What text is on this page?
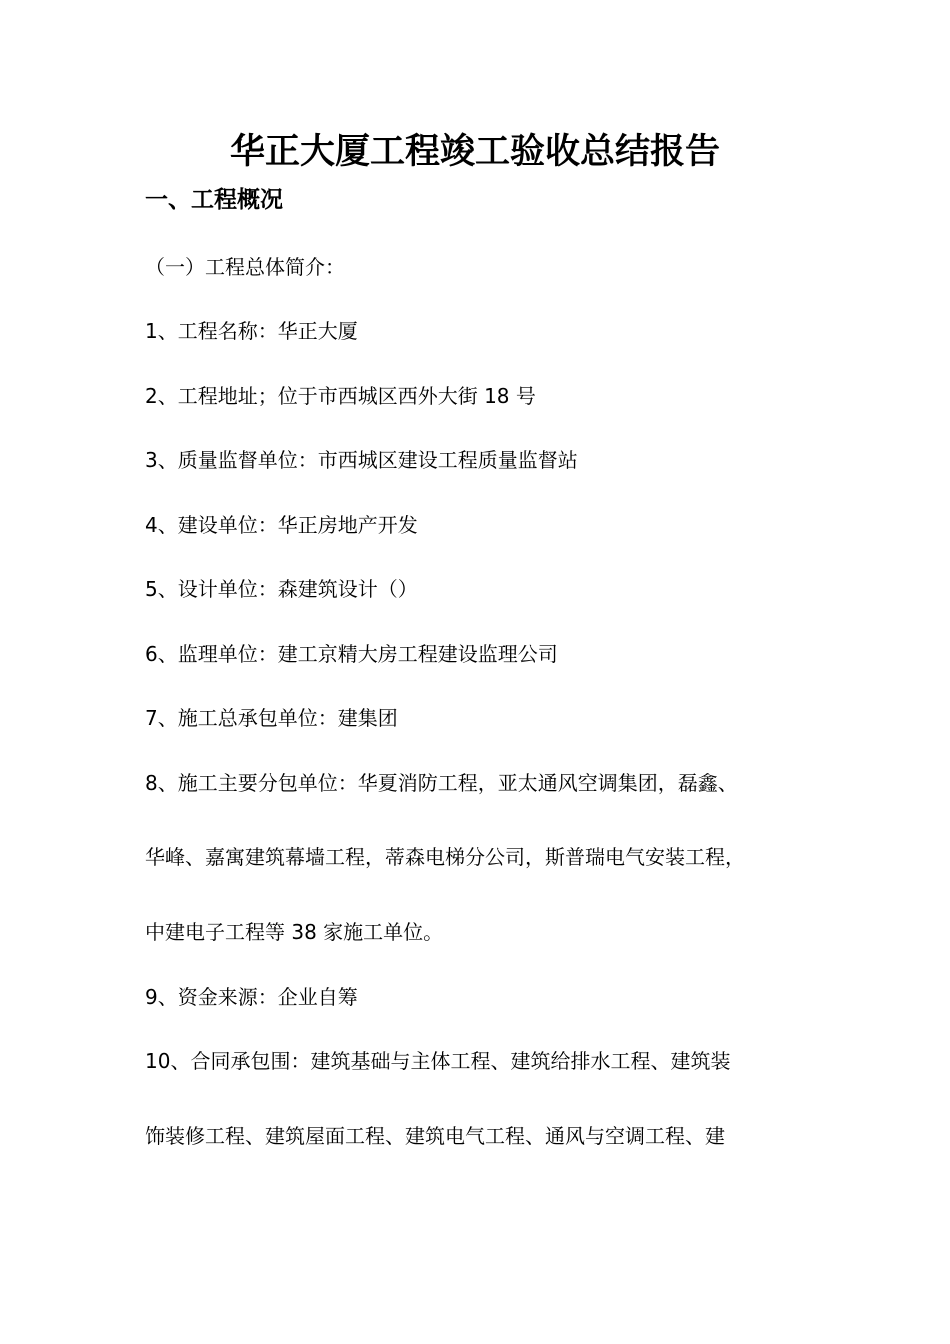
华正大厦工程竣工验收总结报告
一、工程概况
（一）工程总体简介：
1、工程名称：华正大厦
2、工程地址；位于市西城区西外大街 18 号
3、质量监督单位：市西城区建设工程质量监督站
4、建设单位：华正房地产开发
5、设计单位：森建筑设计（）
6、监理单位：建工京精大房工程建设监理公司
7、施工总承包单位：建集团
8、施工主要分包单位：华夏消防工程，亚太通风空调集团，磊鑫、
华峰、嘉寓建筑幕墙工程，蒂森电梯分公司，斯普瑞电气安装工程，
中建电子工程等 38 家施工单位。
9、资金来源：企业自筹
10、合同承包围：建筑基础与主体工程、建筑给排水工程、建筑装
饰装修工程、建筑屋面工程、建筑电气工程、通风与空调工程、建
